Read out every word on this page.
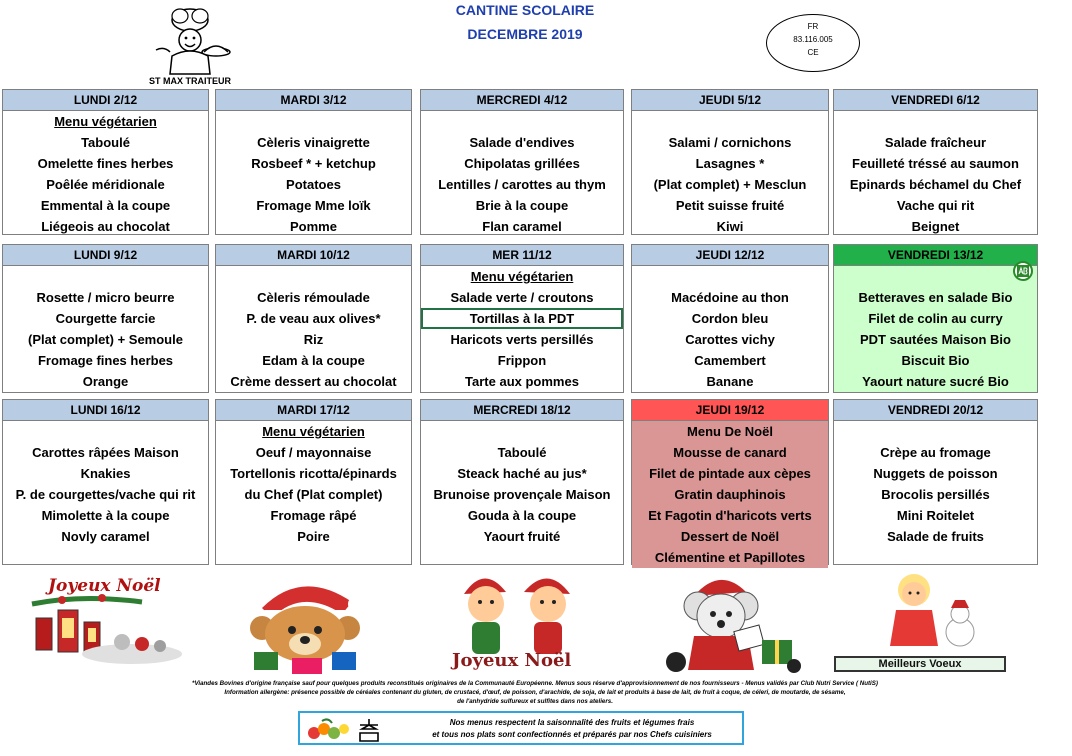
ST MAX TRAITEUR
CANTINE SCOLAIRE
DECEMBRE 2019	FR
83.116.005
CE
LUNDI 2/12
Menu végétarien
Taboulé
Omelette fines herbes
Poêlée méridionale
Emmental à la coupe
Liégeois au chocolat
MARDI 3/12
Cèleris vinaigrette
Rosbeef * + ketchup
Potatoes
Fromage Mme loïk
Pomme
MERCREDI 4/12
Salade d'endives
Chipolatas grillées
Lentilles / carottes au thym
Brie à la coupe
Flan caramel
JEUDI 5/12
Salami / cornichons
Lasagnes *
(Plat complet) + Mesclun
Petit suisse fruité
Kiwi
VENDREDI 6/12
Salade fraîcheur
Feuilleté tréssé au saumon
Epinards béchamel du Chef
Vache qui rit
Beignet
LUNDI 9/12
Rosette / micro beurre
Courgette farcie
(Plat complet) + Semoule
Fromage fines herbes
Orange
MARDI 10/12
Cèleris rémoulade
P. de veau aux olives*
Riz
Edam à la coupe
Crème dessert au chocolat
MER 11/12
Menu végétarien
Salade verte / croutons
Tortillas à la PDT
Haricots verts persillés
Frippon
Tarte aux pommes
JEUDI 12/12
Macédoine au thon
Cordon bleu
Carottes vichy
Camembert
Banane
VENDREDI 13/12
Betteraves en salade Bio
Filet de colin au curry
PDT sautées Maison Bio
Biscuit Bio
Yaourt nature sucré Bio
LUNDI 16/12
Carottes râpées Maison
Knakies
P. de courgettes/vache qui rit
Mimolette à la coupe
Novly caramel
MARDI 17/12
Menu végétarien
Oeuf / mayonnaise
Tortellonis ricotta/épinards
du Chef (Plat complet)
Fromage râpé
Poire
MERCREDI 18/12
Taboulé
Steack haché au jus*
Brunoise provençale Maison
Gouda à la coupe
Yaourt fruité
JEUDI 19/12
Menu De Noël
Mousse de canard
Filet de pintade aux cèpes
Gratin dauphinois
Et Fagotin d'haricots verts
Dessert de Noël
Clémentine et Papillotes
VENDREDI 20/12
Crèpe au fromage
Nuggets de poisson
Brocolis persillés
Mini Roitelet
Salade de fruits
Joyeux Noël
Joyeux Noël	Meilleurs Voeux
*Viandes Bovines d'origine française sauf pour quelques produits reconstitués originaires de la Communauté Européenne. Menus sous réserve d'approvisionnement de nos fournisseurs - Menus validés par Club Nutri Service ( NutiS)
Information allergène: présence possible de céréales contenant du gluten, de crustacé, d'œuf, de poisson, d'arachide, de soja, de lait et produits à base de lait, de fruit à coque, de céleri, de moutarde, de sésame,
de l'anhydride sulfureux et sulfites dans nos ateliers.
Nos menus respectent la saisonnalité des fruits et légumes frais
et tous nos plats sont confectionnés et préparés par nos Chefs cuisiniers
